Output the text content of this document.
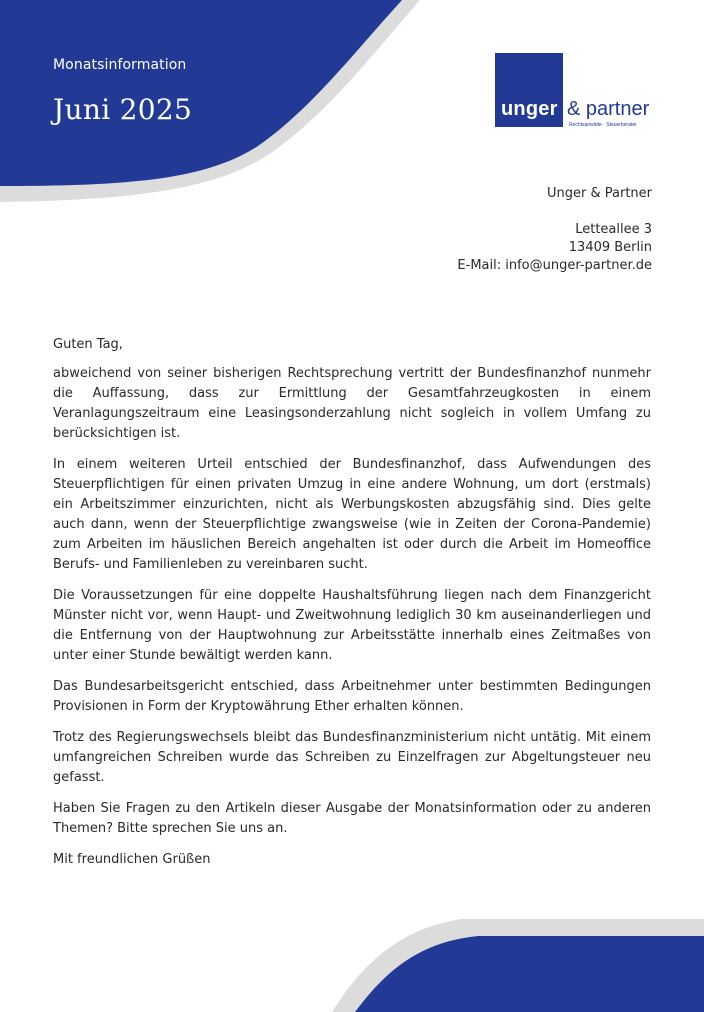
Monatsinformation
Juni 2025	unger & partner
Rechtsanwälte · Steuerberater
Unger & Partner
Letteallee 3
13409 Berlin
E-Mail: info@unger-partner.de

Guten Tag,

abweichend von seiner bisherigen Rechtsprechung vertritt der Bundesfinanzhof nunmehr die Auffassung, dass zur Ermittlung der Gesamtfahrzeugkosten in einem Veranlagungszeitraum eine Leasingsonderzahlung nicht sogleich in vollem Umfang zu berücksichtigen ist.

In einem weiteren Urteil entschied der Bundesfinanzhof, dass Aufwendungen des Steuerpflichtigen für einen privaten Umzug in eine andere Wohnung, um dort (erstmals) ein Arbeitszimmer einzurichten, nicht als Werbungskosten abzugsfähig sind. Dies gelte auch dann, wenn der Steuerpflichtige zwangsweise (wie in Zeiten der Corona-Pandemie) zum Arbeiten im häuslichen Bereich angehalten ist oder durch die Arbeit im Homeoffice Berufs- und Familienleben zu vereinbaren sucht.

Die Voraussetzungen für eine doppelte Haushaltsführung liegen nach dem Finanzgericht Münster nicht vor, wenn Haupt- und Zweitwohnung lediglich 30 km auseinanderliegen und die Entfernung von der Hauptwohnung zur Arbeitsstätte innerhalb eines Zeitmaßes von unter einer Stunde bewältigt werden kann.

Das Bundesarbeitsgericht entschied, dass Arbeitnehmer unter bestimmten Bedingungen Provisionen in Form der Kryptowährung Ether erhalten können.

Trotz des Regierungswechsels bleibt das Bundesfinanzministerium nicht untätig. Mit einem umfangreichen Schreiben wurde das Schreiben zu Einzelfragen zur Abgeltungsteuer neu gefasst.

Haben Sie Fragen zu den Artikeln dieser Ausgabe der Monatsinformation oder zu anderen Themen? Bitte sprechen Sie uns an.

Mit freundlichen Grüßen
